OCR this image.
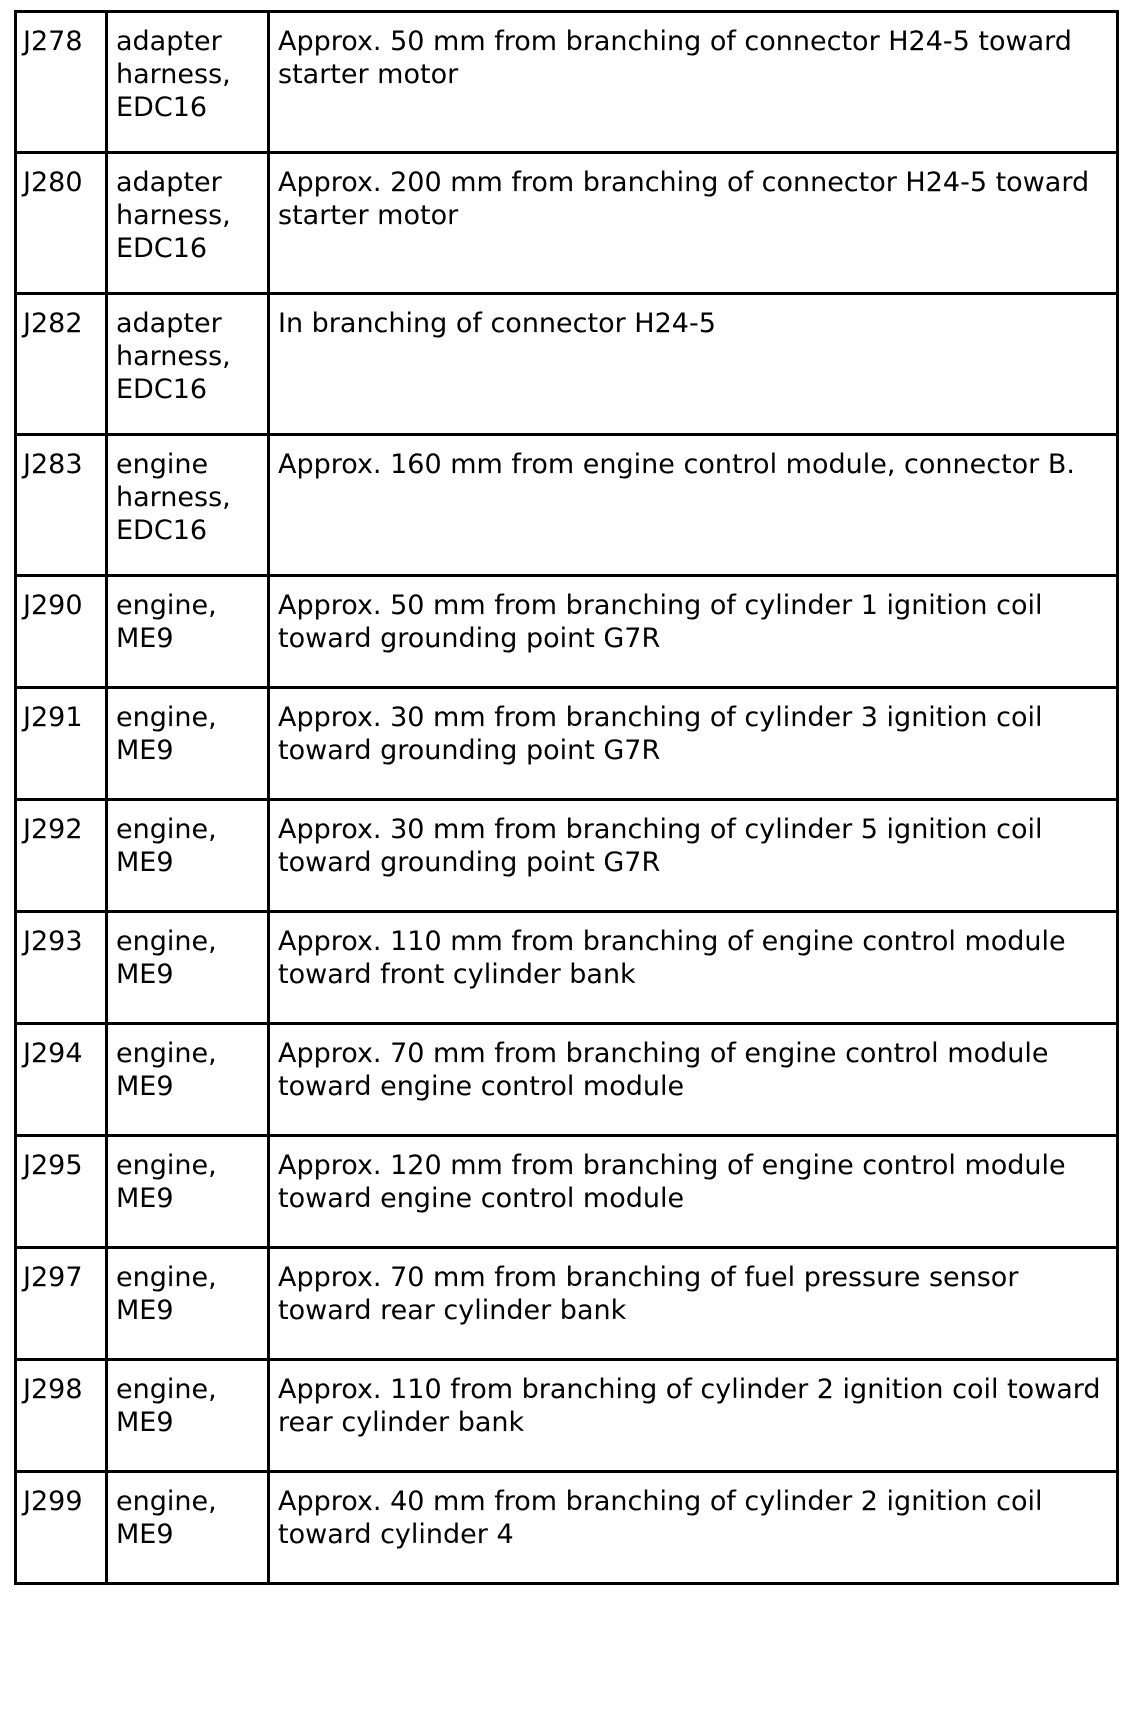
J278	adapter harness, EDC16	Approx. 50 mm from branching of connector H24-5 toward starter motor
J280	adapter harness, EDC16	Approx. 200 mm from branching of connector H24-5 toward starter motor
J282	adapter harness, EDC16	In branching of connector H24-5
J283	engine harness, EDC16	Approx. 160 mm from engine control module, connector B.
J290	engine, ME9	Approx. 50 mm from branching of cylinder 1 ignition coil toward grounding point G7R
J291	engine, ME9	Approx. 30 mm from branching of cylinder 3 ignition coil toward grounding point G7R
J292	engine, ME9	Approx. 30 mm from branching of cylinder 5 ignition coil toward grounding point G7R
J293	engine, ME9	Approx. 110 mm from branching of engine control module toward front cylinder bank
J294	engine, ME9	Approx. 70 mm from branching of engine control module toward engine control module
J295	engine, ME9	Approx. 120 mm from branching of engine control module toward engine control module
J297	engine, ME9	Approx. 70 mm from branching of fuel pressure sensor toward rear cylinder bank
J298	engine, ME9	Approx. 110 from branching of cylinder 2 ignition coil toward rear cylinder bank
J299	engine, ME9	Approx. 40 mm from branching of cylinder 2 ignition coil toward cylinder 4
